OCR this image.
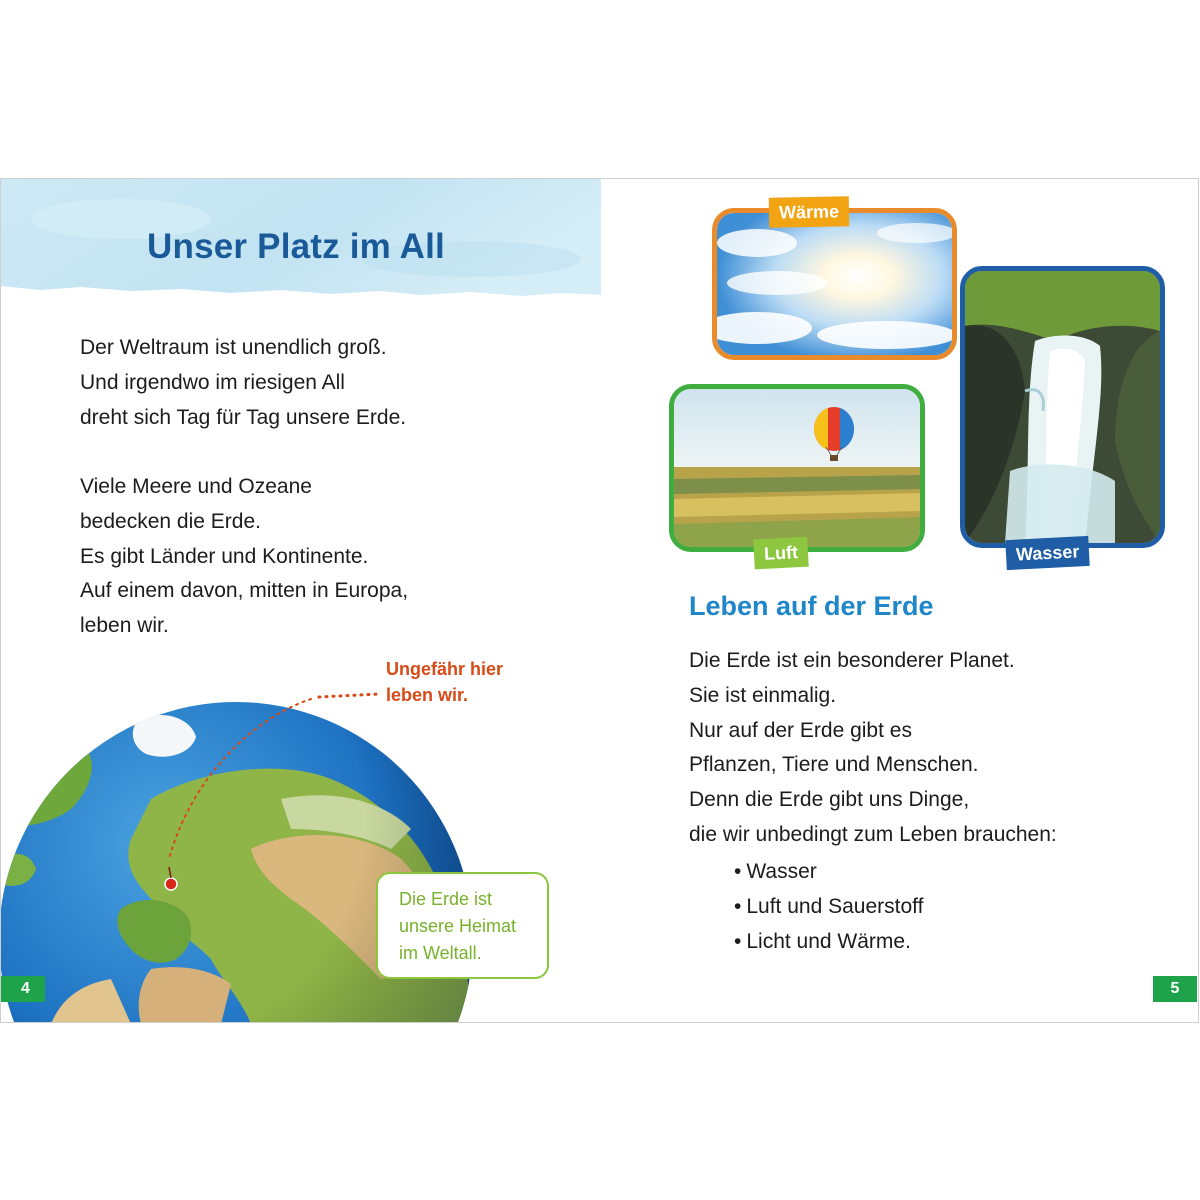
Unser Platz im All

Der Weltraum ist unendlich groß.
Und irgendwo im riesigen All
dreht sich Tag für Tag unsere Erde.

Viele Meere und Ozeane
bedecken die Erde.
Es gibt Länder und Kontinente.
Auf einem davon, mitten in Europa,
leben wir.

Ungefähr hier
leben wir.

Die Erde ist
unsere Heimat
im Weltall.
4
Wärme
Luft	Wasser
Leben auf der Erde

Die Erde ist ein besonderer Planet.
Sie ist einmalig.
Nur auf der Erde gibt es
Pflanzen, Tiere und Menschen.
Denn die Erde gibt uns Dinge,
die wir unbedingt zum Leben brauchen:

• Wasser
• Luft und Sauerstoff
• Licht und Wärme.
5
